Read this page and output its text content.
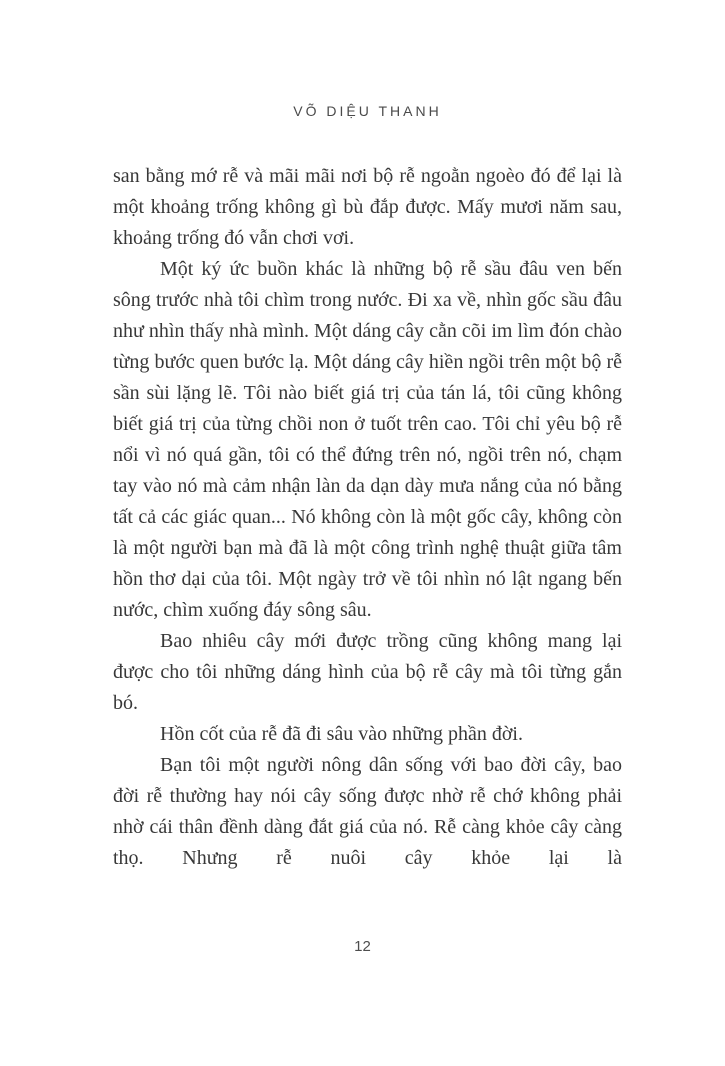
VÕ DIỆU THANH

san bằng mớ rễ và mãi mãi nơi bộ rễ ngoằn ngoèo đó để lại là một khoảng trống không gì bù đắp được. Mấy mươi năm sau, khoảng trống đó vẫn chơi vơi.

Một ký ức buồn khác là những bộ rễ sầu đâu ven bến sông trước nhà tôi chìm trong nước. Đi xa về, nhìn gốc sầu đâu như nhìn thấy nhà mình. Một dáng cây cằn cõi im lìm đón chào từng bước quen bước lạ. Một dáng cây hiền ngồi trên một bộ rễ sần sùi lặng lẽ. Tôi nào biết giá trị của tán lá, tôi cũng không biết giá trị của từng chồi non ở tuốt trên cao. Tôi chỉ yêu bộ rễ nổi vì nó quá gần, tôi có thể đứng trên nó, ngồi trên nó, chạm tay vào nó mà cảm nhận làn da dạn dày mưa nắng của nó bằng tất cả các giác quan... Nó không còn là một gốc cây, không còn là một người bạn mà đã là một công trình nghệ thuật giữa tâm hồn thơ dại của tôi. Một ngày trở về tôi nhìn nó lật ngang bến nước, chìm xuống đáy sông sâu.

Bao nhiêu cây mới được trồng cũng không mang lại được cho tôi những dáng hình của bộ rễ cây mà tôi từng gắn bó.

Hồn cốt của rễ đã đi sâu vào những phần đời.

Bạn tôi một người nông dân sống với bao đời cây, bao đời rễ thường hay nói cây sống được nhờ rễ chớ không phải nhờ cái thân đềnh dàng đắt giá của nó. Rễ càng khỏe cây càng thọ. Nhưng rễ nuôi cây khỏe lại là

12
